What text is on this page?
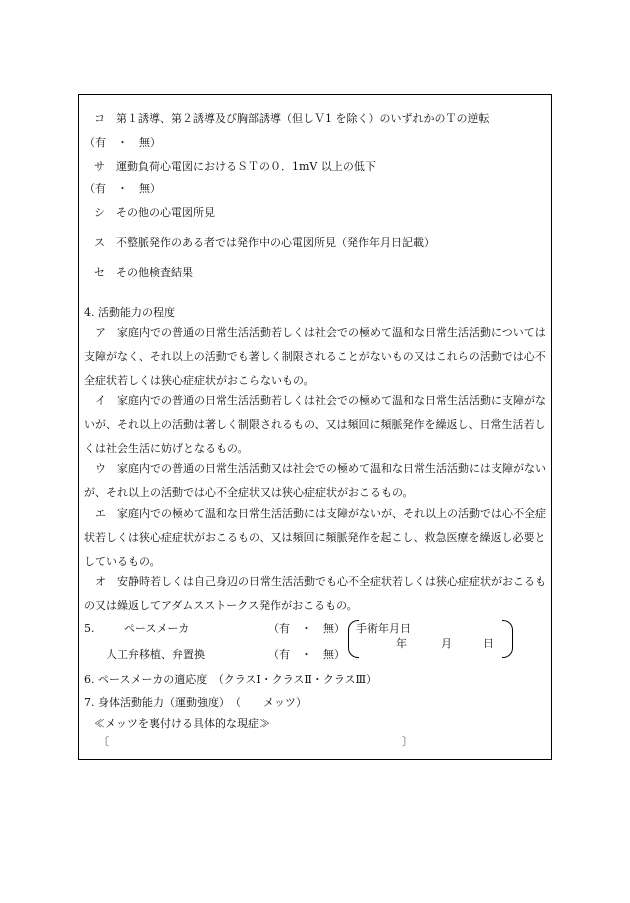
コ　第１誘導、第２誘導及び胸部誘導（但しＶ1 を除く）のいずれかのＴの逆転
（有　・　無）
サ　運動負荷心電図におけるＳＴの０．1mV 以上の低下
（有　・　無）
シ　その他の心電図所見
ス　不整脈発作のある者では発作中の心電図所見（発作年月日記載）
セ　その他検査結果
4. 活動能力の程度
ア　家庭内での普通の日常生活活動若しくは社会での極めて温和な日常生活活動については支障がなく、それ以上の活動でも著しく制限されることがないもの又はこれらの活動では心不全症状若しくは狭心症症状がおこらないもの。
イ　家庭内での普通の日常生活活動若しくは社会での極めて温和な日常生活活動に支障がないが、それ以上の活動は著しく制限されるもの、又は頻回に頻脈発作を繰返し、日常生活若しくは社会生活に妨げとなるもの。
ウ　家庭内での普通の日常生活活動又は社会での極めて温和な日常生活活動には支障がないが、それ以上の活動では心不全症状又は狭心症症状がおこるもの。
エ　家庭内での極めて温和な日常生活活動には支障がないが、それ以上の活動では心不全症状若しくは狭心症症状がおこるもの、又は頻回に頻脈発作を起こし、救急医療を繰返し必要としているもの。
オ　安静時若しくは自己身辺の日常生活活動でも心不全症状若しくは狭心症症状がおこるもの又は繰返してアダムスストークス発作がおこるもの。
5.	ペースメーカ	（有　・　無）
人工弁移植、弁置換	（有　・　無）
手術年月日
年	月	日
6. ペースメーカの適応度　（クラスⅠ・クラスⅡ・クラスⅢ）
7. 身体活動能力（運動強度）　（　　メッツ）
≪メッツを裏付ける具体的な現症≫
〔	〕
